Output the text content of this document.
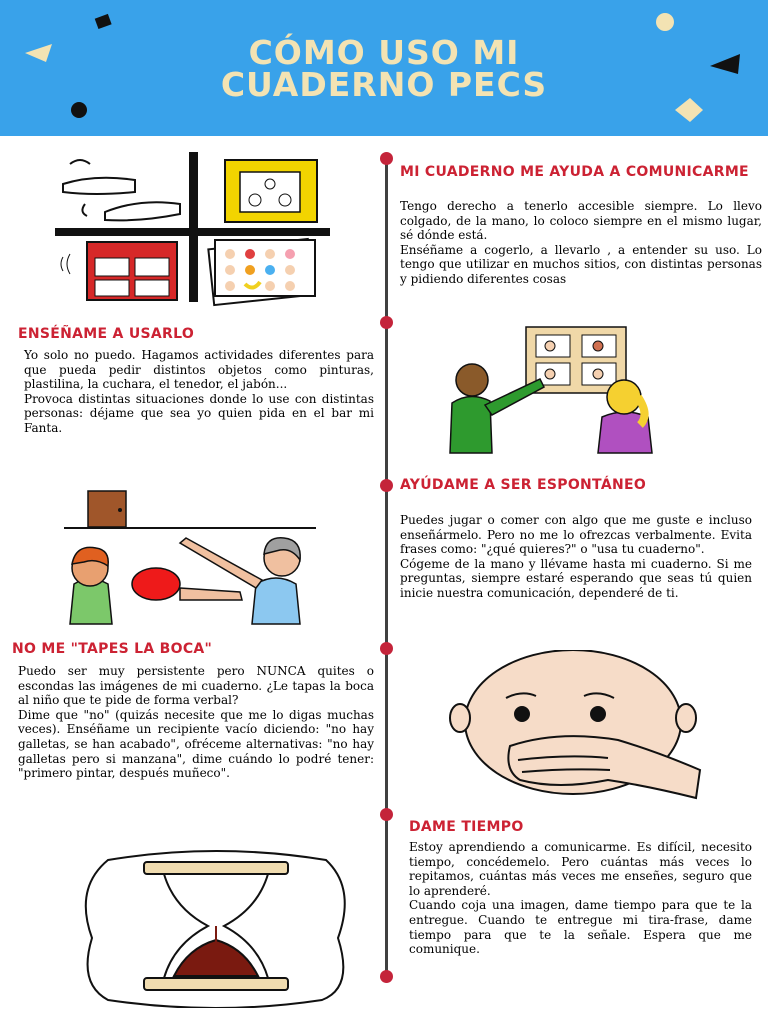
CÓMO USO MI
CUADERNO PECS
MI CUADERNO ME AYUDA A COMUNICARME

Tengo derecho a tenerlo accesible siempre. Lo llevo colgado, de la mano, lo coloco siempre en el mismo lugar, sé dónde está.

Enséñame a cogerlo, a llevarlo , a entender su uso. Lo tengo que utilizar en muchos sitios, con distintas personas y pidiendo diferentes cosas

ENSÉÑAME A USARLO

Yo solo no puedo. Hagamos actividades diferentes para que pueda pedir distintos objetos como pinturas, plastilina, la cuchara, el tenedor, el jabón...

Provoca distintas situaciones donde lo use con distintas personas: déjame que sea yo quien pida en el bar mi Fanta.

AYÚDAME A SER ESPONTÁNEO

Puedes jugar o comer con algo que me guste e incluso enseñármelo. Pero no me lo ofrezcas verbalmente. Evita frases como: "¿qué quieres?" o "usa tu cuaderno".

Cógeme de la mano y llévame hasta mi cuaderno. Si me preguntas, siempre estaré esperando que seas tú quien inicie nuestra comunicación, dependeré de ti.

NO ME "TAPES LA BOCA"

Puedo ser muy persistente pero NUNCA quites o escondas las imágenes de mi cuaderno. ¿Le tapas la boca al niño que te pide de forma verbal?

Dime que "no" (quizás necesite que me lo digas muchas veces). Enséñame un recipiente vacío diciendo: "no hay galletas, se han acabado", ofréceme alternativas: "no hay galletas pero si manzana", dime cuándo lo podré tener: "primero pintar, después muñeco".

DAME TIEMPO

Estoy aprendiendo a comunicarme. Es difícil, necesito tiempo, concédemelo. Pero cuántas más veces lo repitamos, cuántas más veces me enseñes, seguro que lo aprenderé.

Cuando coja una imagen, dame tiempo para que te la entregue. Cuando te entregue mi tira-frase, dame tiempo para que te la señale. Espera que me comunique.
